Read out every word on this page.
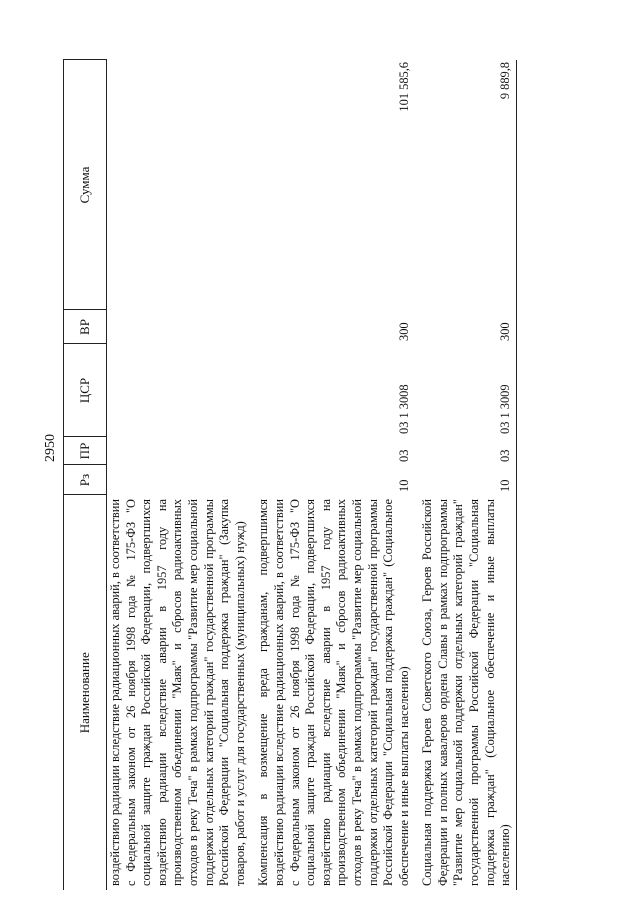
2950
Наименование	Рз	ПР	ЦСР	ВР	Сумма
воздействию радиации вследствие радиационных аварий, в соответствии с Федеральным законом от 26 ноября 1998 года № 175-ФЗ "О социальной защите граждан Российской Федерации, подвергшихся воздействию радиации вследствие аварии в 1957 году на производственном объединении "Маяк" и сбросов радиоактивных отходов в реку Теча" в рамках подпрограммы "Развитие мер социальной поддержки отдельных категорий граждан" государственной программы Российской Федерации "Социальная поддержка граждан" (Закупка товаров, работ и услуг для государственных (муниципальных) нужд)					
Компенсация в возмещение вреда гражданам, подвергшимся воздействию радиации вследствие радиационных аварий, в соответствии с Федеральным законом от 26 ноября 1998 года № 175-ФЗ "О социальной защите граждан Российской Федерации, подвергшихся воздействию радиации вследствие аварии в 1957 году на производственном объединении "Маяк" и сбросов радиоактивных отходов в реку Теча" в рамках подпрограммы "Развитие мер социальной поддержки отдельных категорий граждан" государственной программы Российской Федерации "Социальная поддержка граждан" (Социальное обеспечение и иные выплаты населению)	10	03	03 1 3008	300	101 585,6
Социальная поддержка Героев Советского Союза, Героев Российской Федерации и полных кавалеров ордена Славы в рамках подпрограммы "Развитие мер социальной поддержки отдельных категорий граждан" государственной программы Российской Федерации "Социальная поддержка граждан" (Социальное обеспечение и иные выплаты населению)	10	03	03 1 3009	300	9 889,8
